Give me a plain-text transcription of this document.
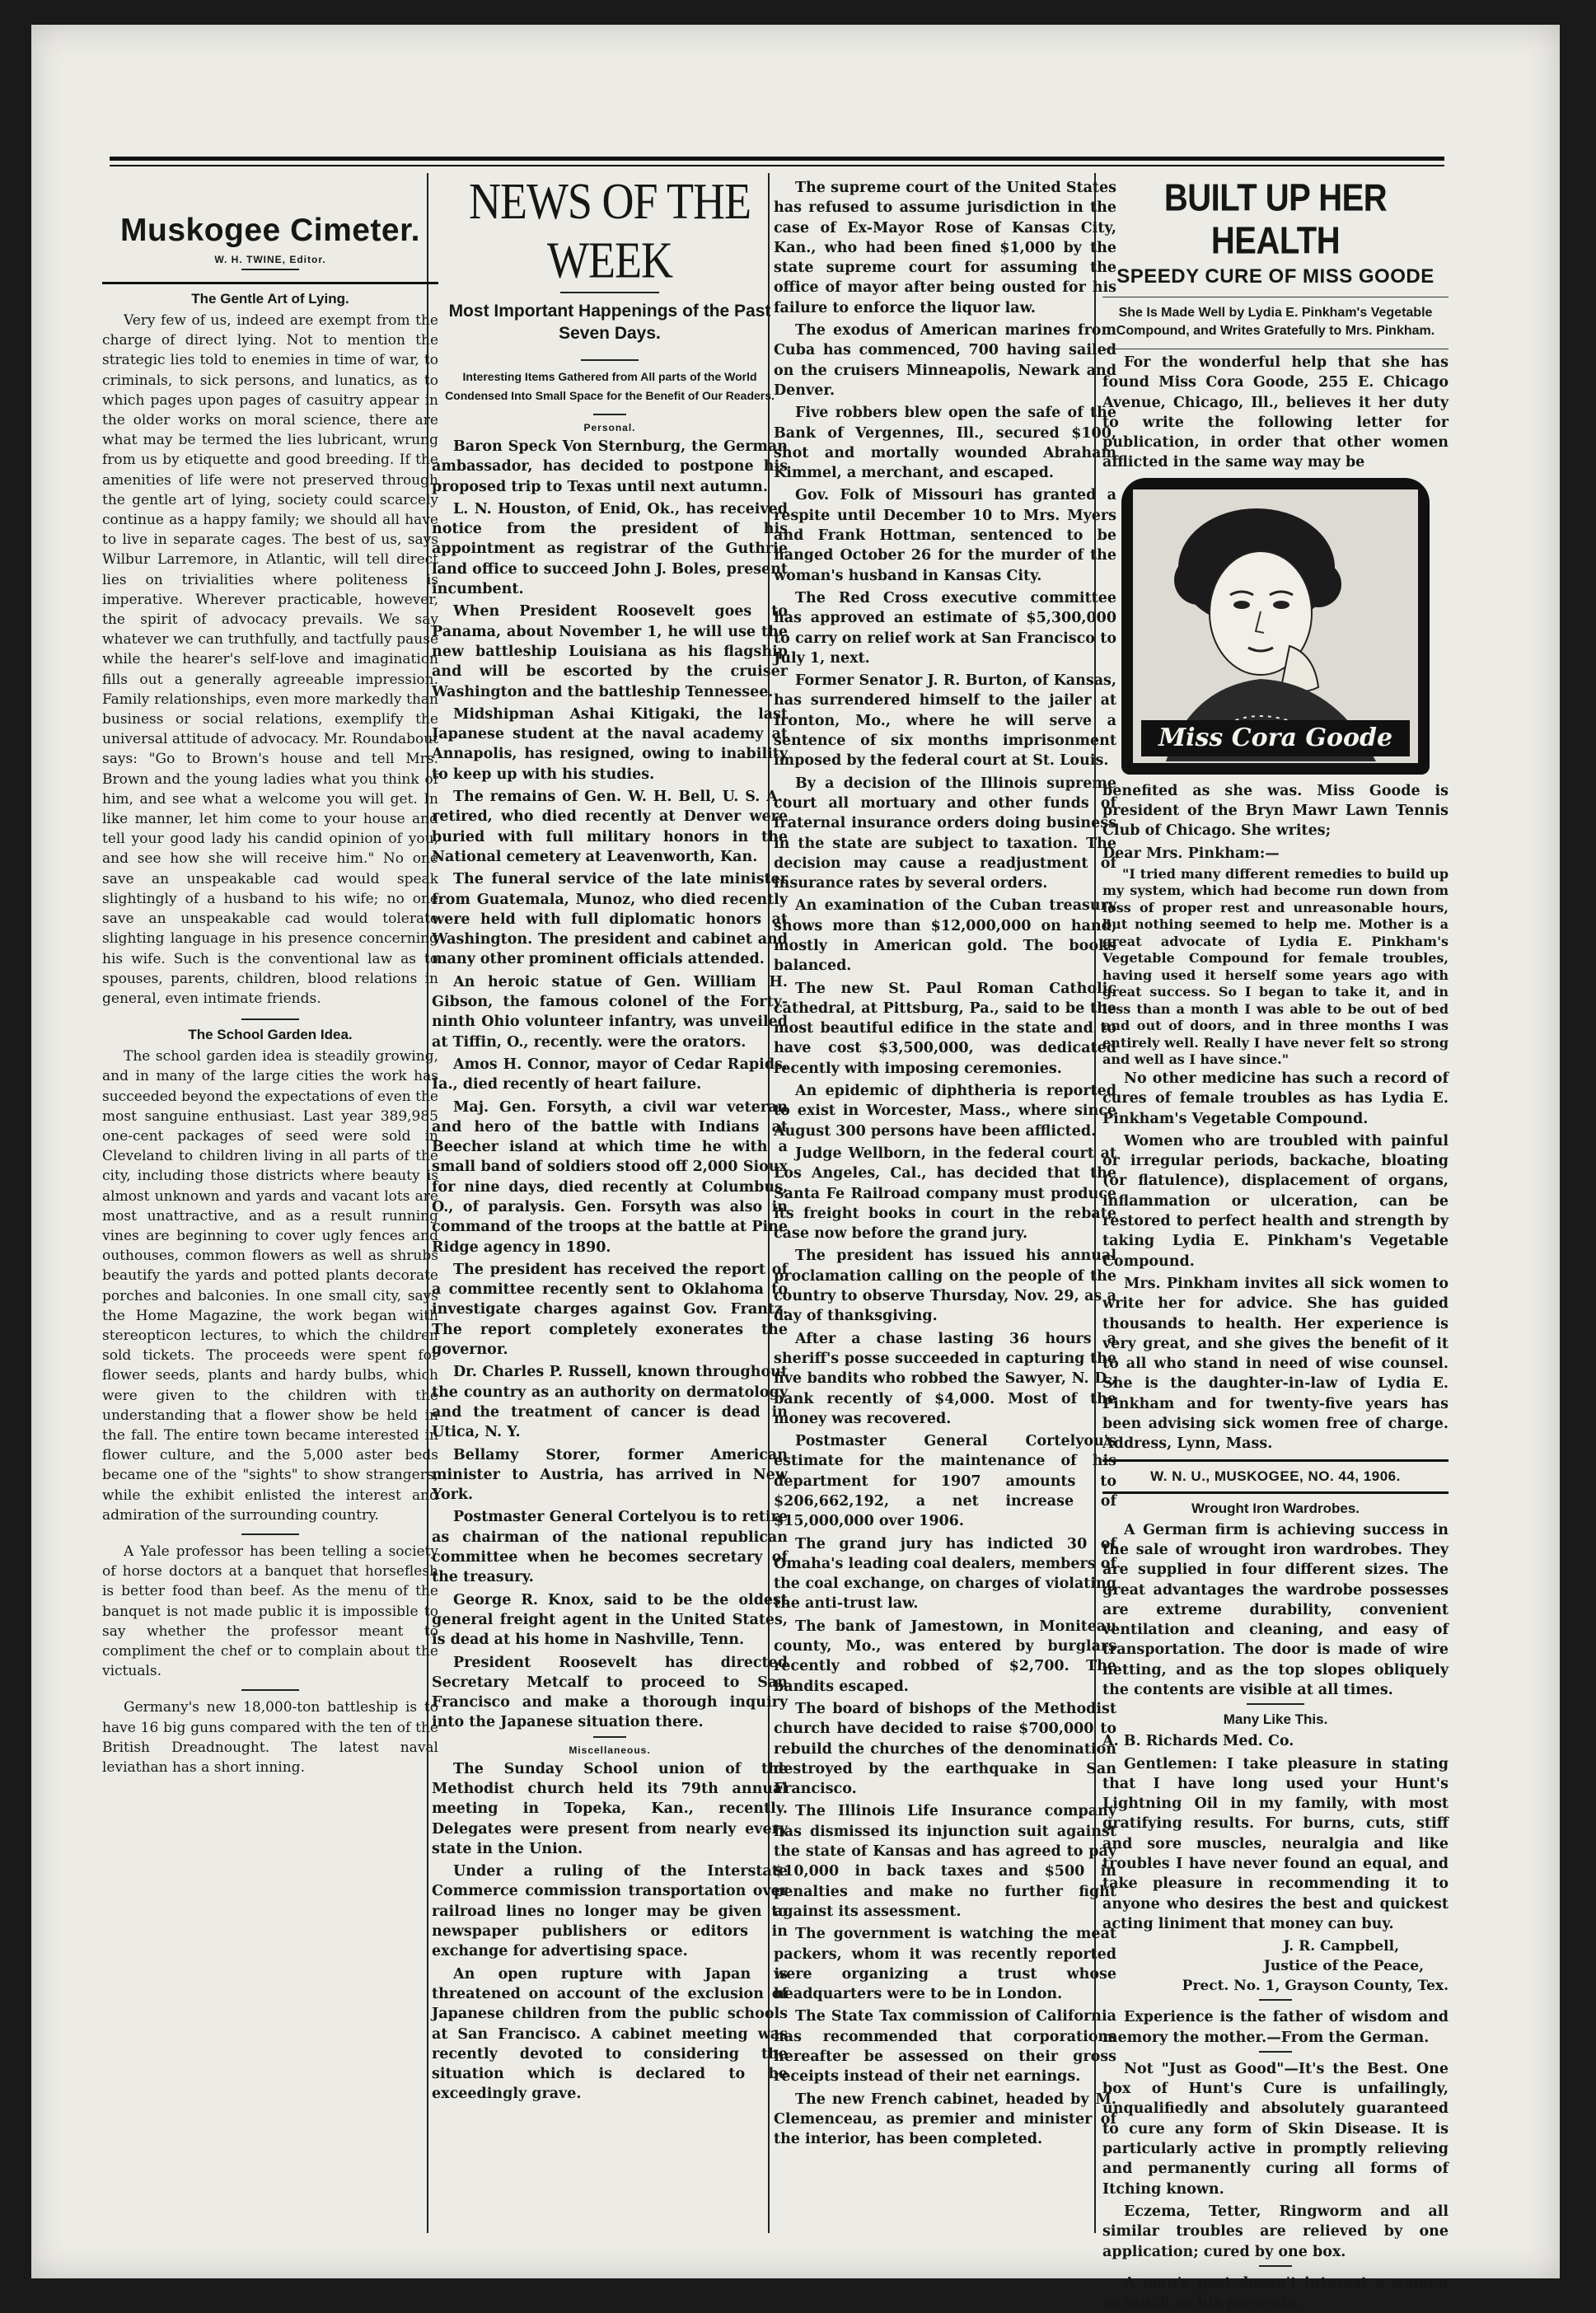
Muskogee Cimeter.
W. H. TWINE, Editor.
The Gentle Art of Lying.

Very few of us, indeed are exempt from the charge of direct lying. Not to mention the strategic lies told to enemies in time of war, to criminals, to sick persons, and lunatics, as to which pages upon pages of casuitry appear in the older works on moral science, there are what may be termed the lies lubricant, wrung from us by etiquette and good breeding. If the amenities of life were not preserved through the gentle art of lying, society could scarcely continue as a happy family; we should all have to live in separate cages. The best of us, says Wilbur Larremore, in Atlantic, will tell direct lies on trivialities where politeness is imperative. Wherever practicable, however, the spirit of advocacy prevails. We say whatever we can truthfully, and tactfully pause while the hearer's self-love and imagination fills out a generally agreeable impression. Family relationships, even more markedly than business or social relations, exemplify the universal attitude of advocacy. Mr. Roundabout says: "Go to Brown's house and tell Mrs. Brown and the young ladies what you think of him, and see what a welcome you will get. In like manner, let him come to your house and tell your good lady his candid opinion of you, and see how she will receive him." No one save an unspeakable cad would speak slightingly of a husband to his wife; no one save an unspeakable cad would tolerate slighting language in his presence concerning his wife. Such is the conventional law as to spouses, parents, children, blood relations in general, even intimate friends.

The School Garden Idea.

The school garden idea is steadily growing, and in many of the large cities the work has succeeded beyond the expectations of even the most sanguine enthusiast. Last year 389,985 one-cent packages of seed were sold in Cleveland to children living in all parts of the city, including those districts where beauty is almost unknown and yards and vacant lots are most unattractive, and as a result running vines are beginning to cover ugly fences and outhouses, common flowers as well as shrubs beautify the yards and potted plants decorate porches and balconies. In one small city, says the Home Magazine, the work began with stereopticon lectures, to which the children sold tickets. The proceeds were spent for flower seeds, plants and hardy bulbs, which were given to the children with the understanding that a flower show be held in the fall. The entire town became interested in flower culture, and the 5,000 aster beds became one of the "sights" to show strangers, while the exhibit enlisted the interest and admiration of the surrounding country.

A Yale professor has been telling a society of horse doctors at a banquet that horseflesh is better food than beef. As the menu of the banquet is not made public it is impossible to say whether the professor meant to compliment the chef or to complain about the victuals.

Germany's new 18,000-ton battleship is to have 16 big guns compared with the ten of the British Dreadnought. The latest naval leviathan has a short inning.

NEWS OF THE WEEK
Most Important Happenings of the Past Seven Days.
Interesting Items Gathered from All parts of the World Condensed Into Small Space for the Benefit of Our Readers.
Personal.

Baron Speck Von Sternburg, the German ambassador, has decided to postpone his proposed trip to Texas until next autumn.

L. N. Houston, of Enid, Ok., has received notice from the president of his appointment as registrar of the Guthrie land office to succeed John J. Boles, present incumbent.

When President Roosevelt goes to Panama, about November 1, he will use the new battleship Louisiana as his flagship and will be escorted by the cruiser Washington and the battleship Tennessee.

Midshipman Ashai Kitigaki, the last Japanese student at the naval academy at Annapolis, has resigned, owing to inability to keep up with his studies.

The remains of Gen. W. H. Bell, U. S. A., retired, who died recently at Denver were buried with full military honors in the National cemetery at Leavenworth, Kan.

The funeral service of the late minister from Guatemala, Munoz, who died recently were held with full diplomatic honors at Washington. The president and cabinet and many other prominent officials attended.

An heroic statue of Gen. William H. Gibson, the famous colonel of the Forty-ninth Ohio volunteer infantry, was unveiled at Tiffin, O., recently. were the orators.

Amos H. Connor, mayor of Cedar Rapids, Ia., died recently of heart failure.

Maj. Gen. Forsyth, a civil war veteran and hero of the battle with Indians at Beecher island at which time he with a small band of soldiers stood off 2,000 Sioux for nine days, died recently at Columbus, O., of paralysis. Gen. Forsyth was also in command of the troops at the battle at Pine Ridge agency in 1890.

The president has received the report of a committee recently sent to Oklahoma to investigate charges against Gov. Frantz. The report completely exonerates the governor.

Dr. Charles P. Russell, known throughout the country as an authority on dermatology and the treatment of cancer is dead in Utica, N. Y.

Bellamy Storer, former American minister to Austria, has arrived in New York.

Postmaster General Cortelyou is to retire as chairman of the national republican committee when he becomes secretary of the treasury.

George R. Knox, said to be the oldest general freight agent in the United States, is dead at his home in Nashville, Tenn.

President Roosevelt has directed Secretary Metcalf to proceed to San Francisco and make a thorough inquiry into the Japanese situation there.

Miscellaneous.

The Sunday School union of the Methodist church held its 79th annual meeting in Topeka, Kan., recently. Delegates were present from nearly every state in the Union.

Under a ruling of the Interstate Commerce commission transportation over railroad lines no longer may be given to newspaper publishers or editors in exchange for advertising space.

An open rupture with Japan is threatened on account of the exclusion of Japanese children from the public schools at San Francisco. A cabinet meeting was recently devoted to considering the situation which is declared to be exceedingly grave.

The supreme court of the United States has refused to assume jurisdiction in the case of Ex-Mayor Rose of Kansas City, Kan., who had been fined $1,000 by the state supreme court for assuming the office of mayor after being ousted for his failure to enforce the liquor law.

The exodus of American marines from Cuba has commenced, 700 having sailed on the cruisers Minneapolis, Newark and Denver.

Five robbers blew open the safe of the Bank of Vergennes, Ill., secured $100, shot and mortally wounded Abraham Kimmel, a merchant, and escaped.

Gov. Folk of Missouri has granted a respite until December 10 to Mrs. Myers and Frank Hottman, sentenced to be hanged October 26 for the murder of the woman's husband in Kansas City.

The Red Cross executive committee has approved an estimate of $5,300,000 to carry on relief work at San Francisco to July 1, next.

Former Senator J. R. Burton, of Kansas, has surrendered himself to the jailer at Ironton, Mo., where he will serve a sentence of six months imprisonment imposed by the federal court at St. Louis.

By a decision of the Illinois supreme court all mortuary and other funds of fraternal insurance orders doing business in the state are subject to taxation. The decision may cause a readjustment of insurance rates by several orders.

An examination of the Cuban treasury shows more than $12,000,000 on hand, mostly in American gold. The books balanced.

The new St. Paul Roman Catholic cathedral, at Pittsburg, Pa., said to be the most beautiful edifice in the state and to have cost $3,500,000, was dedicated recently with imposing ceremonies.

An epidemic of diphtheria is reported to exist in Worcester, Mass., where since August 300 persons have been afflicted.

Judge Wellborn, in the federal court at Los Angeles, Cal., has decided that the Santa Fe Railroad company must produce its freight books in court in the rebate case now before the grand jury.

The president has issued his annual proclamation calling on the people of the country to observe Thursday, Nov. 29, as a day of thanksgiving.

After a chase lasting 36 hours a sheriff's posse succeeded in capturing the five bandits who robbed the Sawyer, N. D., bank recently of $4,000. Most of the money was recovered.

Postmaster General Cortelyou's estimate for the maintenance of his department for 1907 amounts to $206,662,192, a net increase of $15,000,000 over 1906.

The grand jury has indicted 30 of Omaha's leading coal dealers, members of the coal exchange, on charges of violating the anti-trust law.

The bank of Jamestown, in Moniteau county, Mo., was entered by burglars recently and robbed of $2,700. The bandits escaped.

The board of bishops of the Methodist church have decided to raise $700,000 to rebuild the churches of the denomination destroyed by the earthquake in San Francisco.

The Illinois Life Insurance company has dismissed its injunction suit against the state of Kansas and has agreed to pay $10,000 in back taxes and $500 in penalties and make no further fight against its assessment.

The government is watching the meat packers, whom it was recently reported were organizing a trust whose headquarters were to be in London.

The State Tax commission of California has recommended that corporations hereafter be assessed on their gross receipts instead of their net earnings.

The new French cabinet, headed by M. Clemenceau, as premier and minister of the interior, has been completed.

BUILT UP HER HEALTH
SPEEDY CURE OF MISS GOODE
She Is Made Well by Lydia E. Pinkham's Vegetable Compound, and Writes Gratefully to Mrs. Pinkham.

For the wonderful help that she has found Miss Cora Goode, 255 E. Chicago Avenue, Chicago, Ill., believes it her duty to write the following letter for publication, in order that other women afflicted in the same way may be

Miss Cora Goode

benefited as she was. Miss Goode is president of the Bryn Mawr Lawn Tennis Club of Chicago. She writes;

Dear Mrs. Pinkham:—

"I tried many different remedies to build up my system, which had become run down from loss of proper rest and unreasonable hours, but nothing seemed to help me. Mother is a great advocate of Lydia E. Pinkham's Vegetable Compound for female troubles, having used it herself some years ago with great success. So I began to take it, and in less than a month I was able to be out of bed and out of doors, and in three months I was entirely well. Really I have never felt so strong and well as I have since."

No other medicine has such a record of cures of female troubles as has Lydia E. Pinkham's Vegetable Compound.

Women who are troubled with painful or irregular periods, backache, bloating (or flatulence), displacement of organs, inflammation or ulceration, can be restored to perfect health and strength by taking Lydia E. Pinkham's Vegetable Compound.

Mrs. Pinkham invites all sick women to write her for advice. She has guided thousands to health. Her experience is very great, and she gives the benefit of it to all who stand in need of wise counsel. She is the daughter-in-law of Lydia E. Pinkham and for twenty-five years has been advising sick women free of charge. Address, Lynn, Mass.

W. N. U., MUSKOGEE, NO. 44, 1906.
Wrought Iron Wardrobes.

A German firm is achieving success in the sale of wrought iron wardrobes. They are supplied in four different sizes. The great advantages the wardrobe possesses are extreme durability, convenient ventilation and cleaning, and easy of transportation. The door is made of wire netting, and as the top slopes obliquely the contents are visible at all times.

Many Like This.

A. B. Richards Med. Co.

Gentlemen: I take pleasure in stating that I have long used your Hunt's Lightning Oil in my family, with most gratifying results. For burns, cuts, stiff and sore muscles, neuralgia and like troubles I have never found an equal, and take pleasure in recommending it to anyone who desires the best and quickest acting liniment that money can buy.

J. R. Campbell,

Justice of the Peace,

Prect. No. 1, Grayson County, Tex.

Experience is the father of wisdom and memory the mother.—From the German.

Not "Just as Good"—It's the Best. One box of Hunt's Cure is unfailingly, unqualifiedly and absolutely guaranteed to cure any form of Skin Disease. It is particularly active in promptly relieving and permanently curing all forms of Itching known.

Eczema, Tetter, Ringworm and all similar troubles are relieved by one application; cured by one box.

A man's past doesn't interest a woman as much as his presents.
